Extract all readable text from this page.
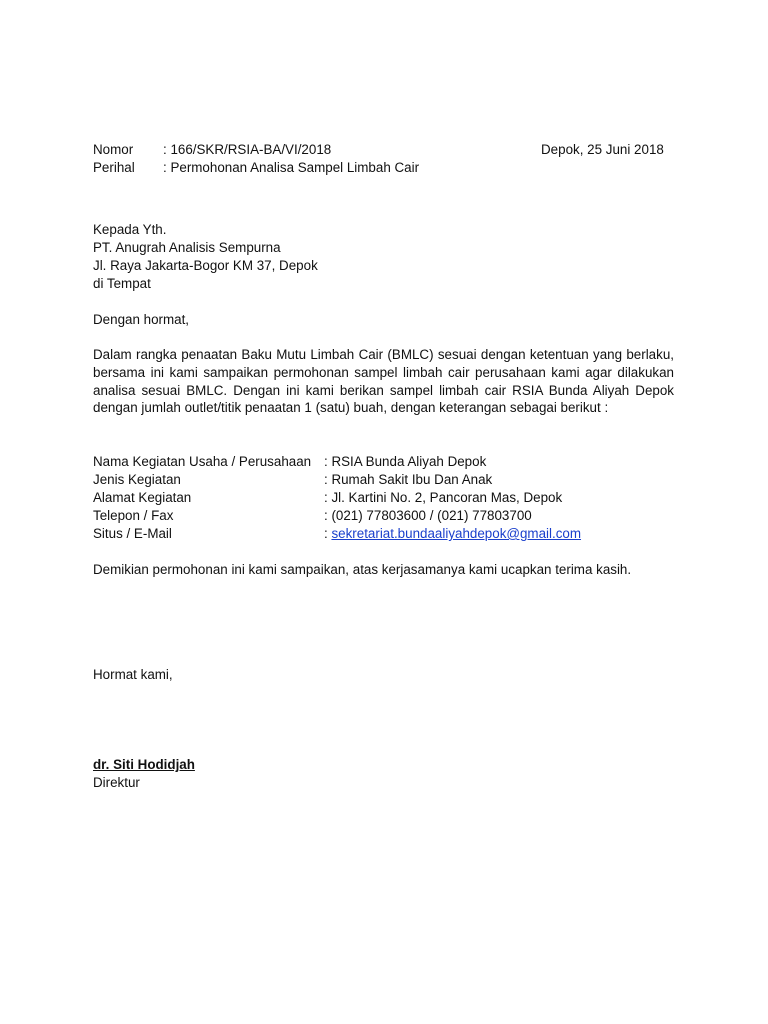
Nomor : 166/SKR/RSIA-BA/VI/2018	Depok, 25 Juni 2018
Perihal : Permohonan Analisa Sampel Limbah Cair
Kepada Yth.
PT. Anugrah Analisis Sempurna
Jl. Raya Jakarta-Bogor KM 37, Depok
di Tempat
Dengan hormat,

Dalam rangka penaatan Baku Mutu Limbah Cair (BMLC) sesuai dengan ketentuan yang berlaku, bersama ini kami sampaikan permohonan sampel limbah cair perusahaan kami agar dilakukan analisa sesuai BMLC. Dengan ini kami berikan sampel limbah cair RSIA Bunda Aliyah Depok dengan jumlah outlet/titik penaatan 1 (satu) buah, dengan keterangan sebagai berikut :

Nama Kegiatan Usaha / Perusahaan : RSIA Bunda Aliyah Depok
Jenis Kegiatan	: Rumah Sakit Ibu Dan Anak
Alamat Kegiatan	: Jl. Kartini No. 2, Pancoran Mas, Depok
Telepon / Fax	: (021) 77803600 / (021) 77803700
Situs / E-Mail	: sekretariat.bundaaliyahdepok@gmail.com
Demikian permohonan ini kami sampaikan, atas kerjasamanya kami ucapkan terima kasih.
Hormat kami,
dr. Siti Hodidjah
Direktur
